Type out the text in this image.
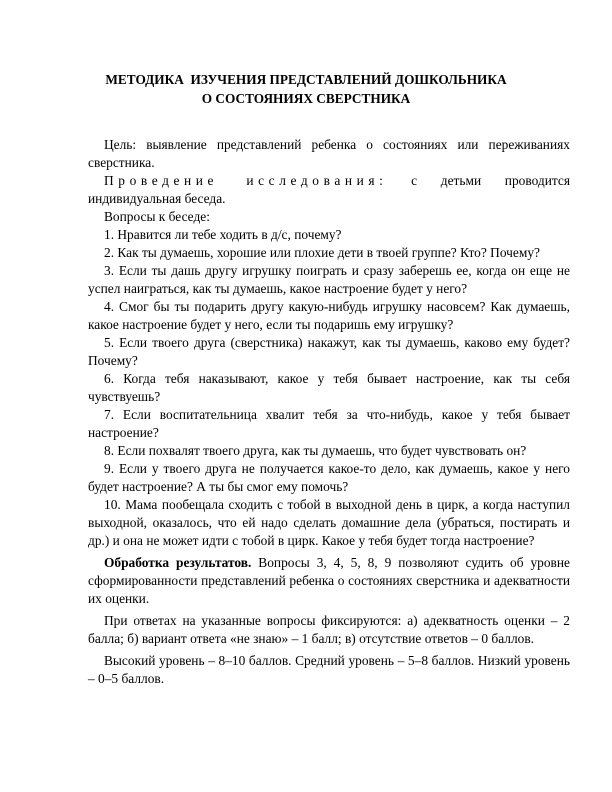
МЕТОДИКА  ИЗУЧЕНИЯ ПРЕДСТАВЛЕНИЙ ДОШКОЛЬНИКА
О СОСТОЯНИЯХ СВЕРСТНИКА

Цель: выявление представлений ребенка о состояниях или переживаниях сверстника.

Проведение исследования: с детьми проводится индивидуальная беседа.

Вопросы к беседе:

1. Нравится ли тебе ходить в д/с, почему?

2. Как ты думаешь, хорошие или плохие дети в твоей группе? Кто? Почему?

3. Если ты дашь другу игрушку поиграть и сразу заберешь ее, когда он еще не успел наиграться, как ты думаешь, какое настроение будет у него?

4. Смог бы ты подарить другу какую-нибудь игрушку насовсем? Как думаешь, какое настроение будет у него, если ты подаришь ему игрушку?

5. Если твоего друга (сверстника) накажут, как ты думаешь, каково ему будет? Почему?

6. Когда тебя наказывают, какое у тебя бывает настроение, как ты себя чувствуешь?

7. Если воспитательница хвалит тебя за что-нибудь, какое у тебя бывает настроение?

8. Если похвалят твоего друга, как ты думаешь, что будет чувствовать он?

9. Если у твоего друга не получается какое-то дело, как думаешь, какое у него будет настроение? А ты бы смог ему помочь?

10. Мама пообещала сходить с тобой в выходной день в цирк, а когда наступил выходной, оказалось, что ей надо сделать домашние дела (убраться, постирать и др.) и она не может идти с тобой в цирк. Какое у тебя будет тогда настроение?

Обработка результатов. Вопросы 3, 4, 5, 8, 9 позволяют судить об уровне сформированности представлений ребенка о состояниях сверстника и адекватности их оценки.

При ответах на указанные вопросы фиксируются: а) адекватность оценки – 2 балла; б) вариант ответа «не знаю» – 1 балл; в) отсутствие ответов – 0 баллов.

Высокий уровень – 8–10 баллов. Средний уровень – 5–8 баллов. Низкий уровень – 0–5 баллов.
